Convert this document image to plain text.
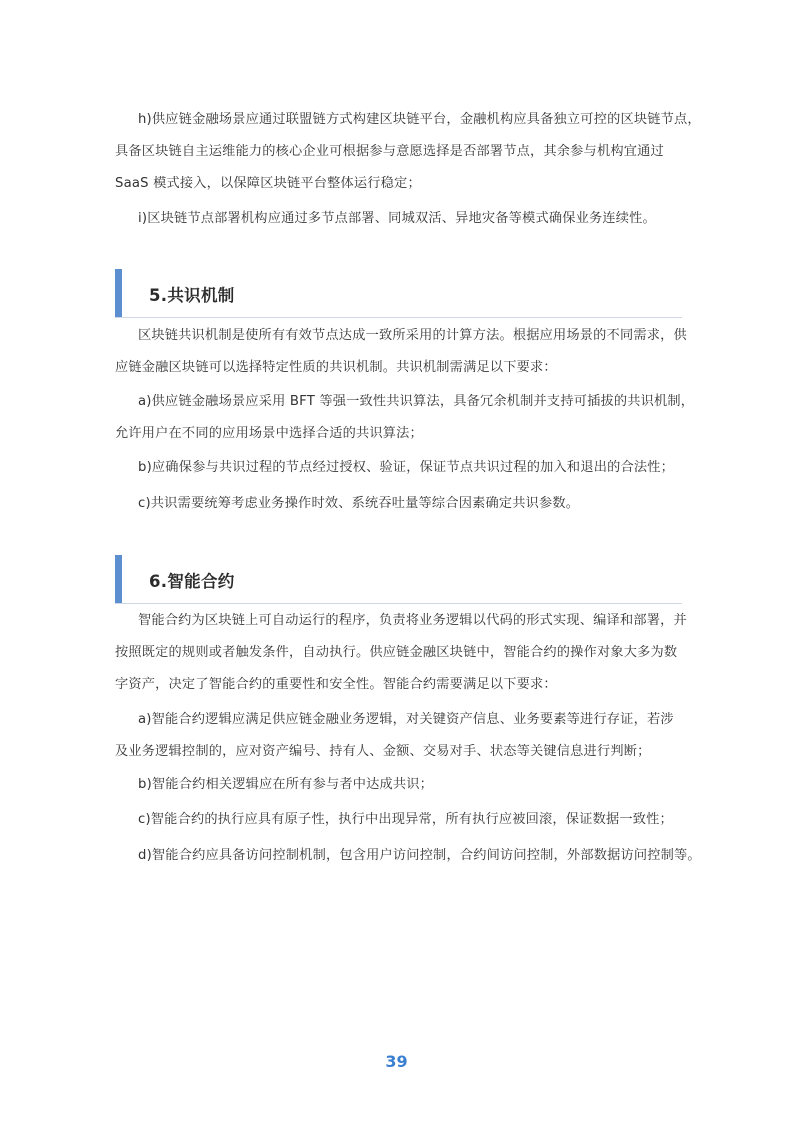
h)供应链金融场景应通过联盟链方式构建区块链平台，金融机构应具备独立可控的区块链节点，
具备区块链自主运维能力的核心企业可根据参与意愿选择是否部署节点，其余参与机构宜通过
SaaS 模式接入，以保障区块链平台整体运行稳定；

i)区块链节点部署机构应通过多节点部署、同城双活、异地灾备等模式确保业务连续性。

5.共识机制

区块链共识机制是使所有有效节点达成一致所采用的计算方法。根据应用场景的不同需求，供
应链金融区块链可以选择特定性质的共识机制。共识机制需满足以下要求：

a)供应链金融场景应采用 BFT 等强一致性共识算法，具备冗余机制并支持可插拔的共识机制，
允许用户在不同的应用场景中选择合适的共识算法；

b)应确保参与共识过程的节点经过授权、验证，保证节点共识过程的加入和退出的合法性；

c)共识需要统筹考虑业务操作时效、系统吞吐量等综合因素确定共识参数。

6.智能合约

智能合约为区块链上可自动运行的程序，负责将业务逻辑以代码的形式实现、编译和部署，并
按照既定的规则或者触发条件，自动执行。供应链金融区块链中，智能合约的操作对象大多为数
字资产，决定了智能合约的重要性和安全性。智能合约需要满足以下要求：

a)智能合约逻辑应满足供应链金融业务逻辑，对关键资产信息、业务要素等进行存证，若涉
及业务逻辑控制的，应对资产编号、持有人、金额、交易对手、状态等关键信息进行判断；

b)智能合约相关逻辑应在所有参与者中达成共识；

c)智能合约的执行应具有原子性，执行中出现异常，所有执行应被回滚，保证数据一致性；

d)智能合约应具备访问控制机制，包含用户访问控制，合约间访问控制，外部数据访问控制等。

39
